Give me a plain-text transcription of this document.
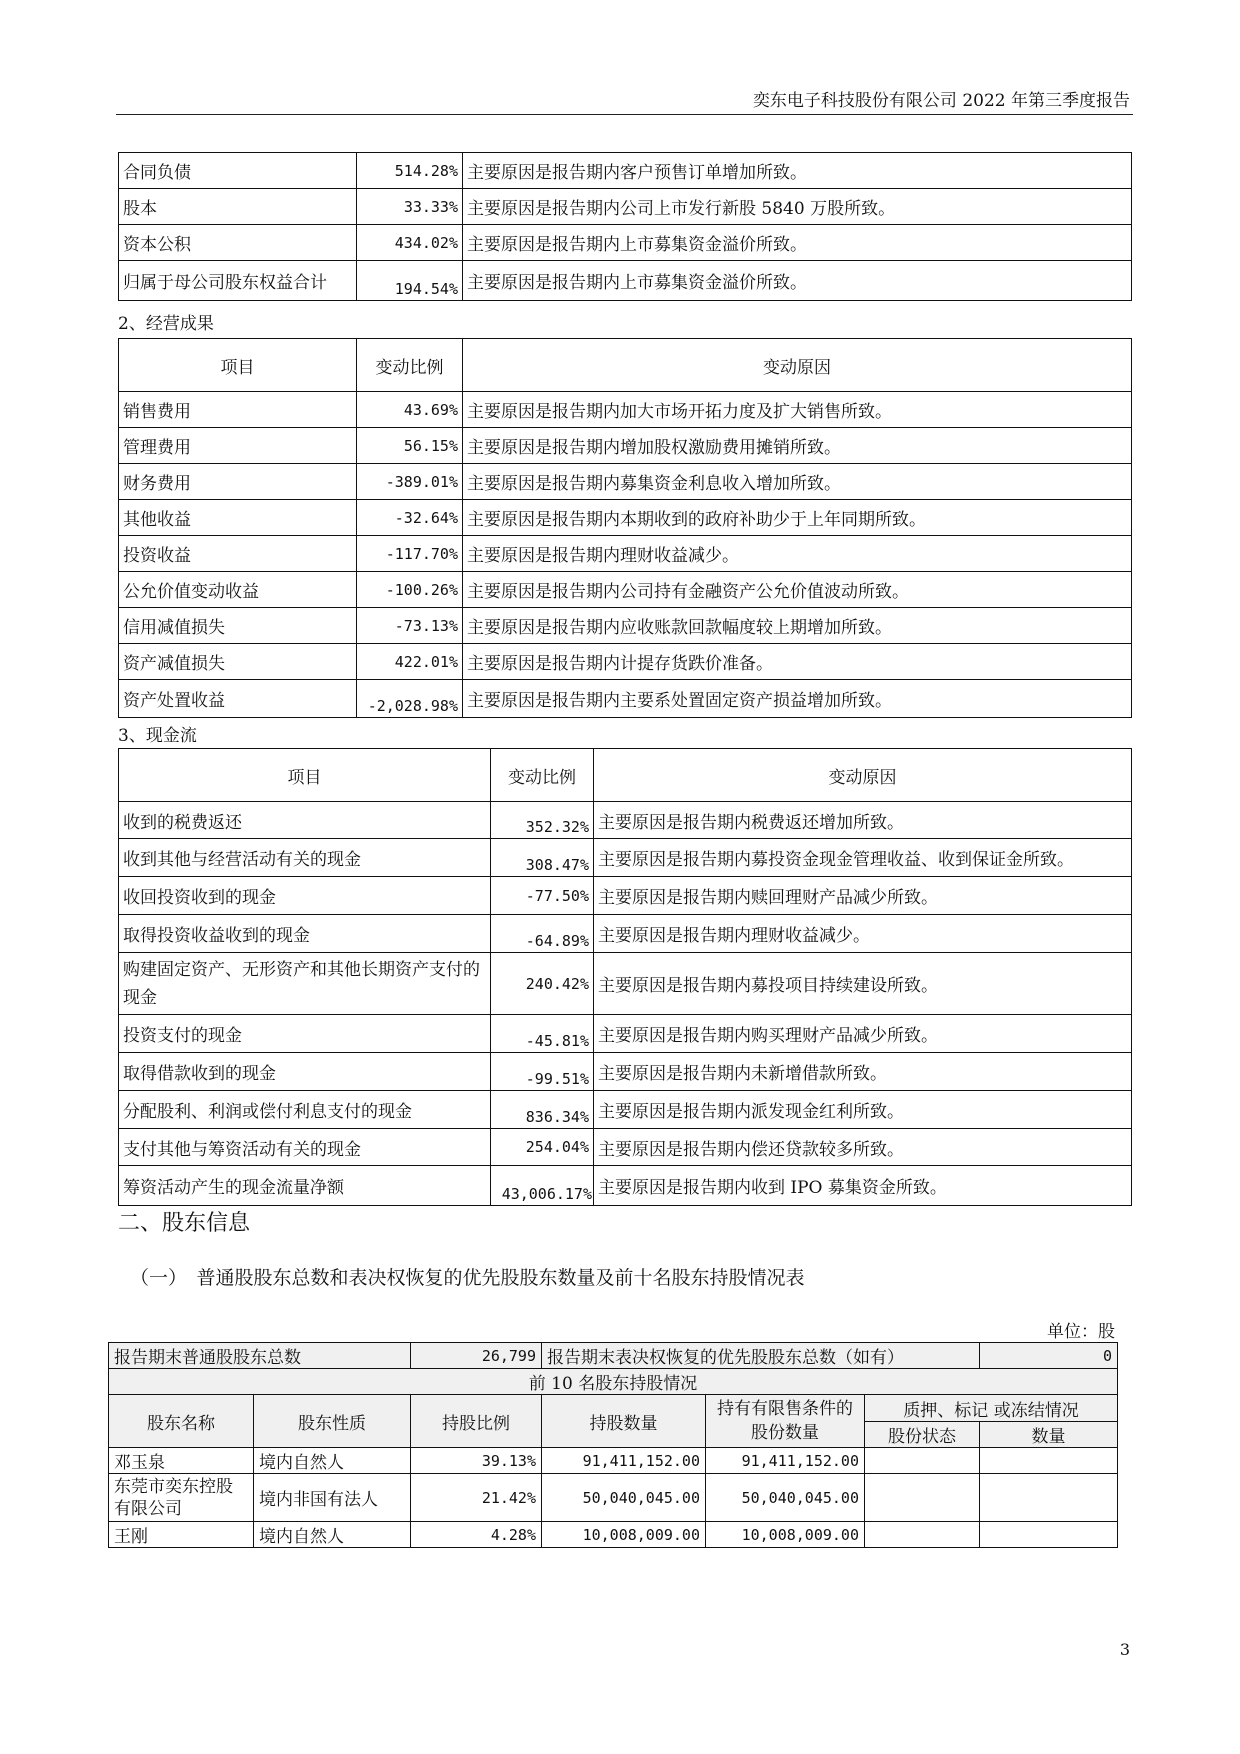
奕东电子科技股份有限公司 2022 年第三季度报告
合同负债	514.28%	主要原因是报告期内客户预售订单增加所致。
股本	33.33%	主要原因是报告期内公司上市发行新股 5840 万股所致。
资本公积	434.02%	主要原因是报告期内上市募集资金溢价所致。
归属于母公司股东权益合计	194.54%	主要原因是报告期内上市募集资金溢价所致。
2、经营成果
项目	变动比例	变动原因
销售费用	43.69%	主要原因是报告期内加大市场开拓力度及扩大销售所致。
管理费用	56.15%	主要原因是报告期内增加股权激励费用摊销所致。
财务费用	-389.01%	主要原因是报告期内募集资金利息收入增加所致。
其他收益	-32.64%	主要原因是报告期内本期收到的政府补助少于上年同期所致。
投资收益	-117.70%	主要原因是报告期内理财收益减少。
公允价值变动收益	-100.26%	主要原因是报告期内公司持有金融资产公允价值波动所致。
信用减值损失	-73.13%	主要原因是报告期内应收账款回款幅度较上期增加所致。
资产减值损失	422.01%	主要原因是报告期内计提存货跌价准备。
资产处置收益	-2,028.98%	主要原因是报告期内主要系处置固定资产损益增加所致。
3、现金流
项目	变动比例	变动原因
收到的税费返还	352.32%	主要原因是报告期内税费返还增加所致。
收到其他与经营活动有关的现金	308.47%	主要原因是报告期内募投资金现金管理收益、收到保证金所致。
收回投资收到的现金	-77.50%	主要原因是报告期内赎回理财产品减少所致。
取得投资收益收到的现金	-64.89%	主要原因是报告期内理财收益减少。
购建固定资产、无形资产和其他长期资产支付的现金	240.42%	主要原因是报告期内募投项目持续建设所致。
投资支付的现金	-45.81%	主要原因是报告期内购买理财产品减少所致。
取得借款收到的现金	-99.51%	主要原因是报告期内未新增借款所致。
分配股利、利润或偿付利息支付的现金	836.34%	主要原因是报告期内派发现金红利所致。
支付其他与筹资活动有关的现金	254.04%	主要原因是报告期内偿还贷款较多所致。
筹资活动产生的现金流量净额	43,006.17%	主要原因是报告期内收到 IPO 募集资金所致。
二、股东信息
（一）　普通股股东总数和表决权恢复的优先股股东数量及前十名股东持股情况表
单位：股
报告期末普通股股东总数		26,799	报告期末表决权恢复的优先股股东总数（如有）			0
前 10 名股东持股情况						
股东名称	股东性质	持股比例	持股数量	持有有限售条件的股份数量	质押、标记 或冻结情况	
					股份状态	数量
邓玉泉	境内自然人	39.13%	91,411,152.00	91,411,152.00		
东莞市奕东控股有限公司	境内非国有法人	21.42%	50,040,045.00	50,040,045.00		
王刚	境内自然人	4.28%	10,008,009.00	10,008,009.00		
3
